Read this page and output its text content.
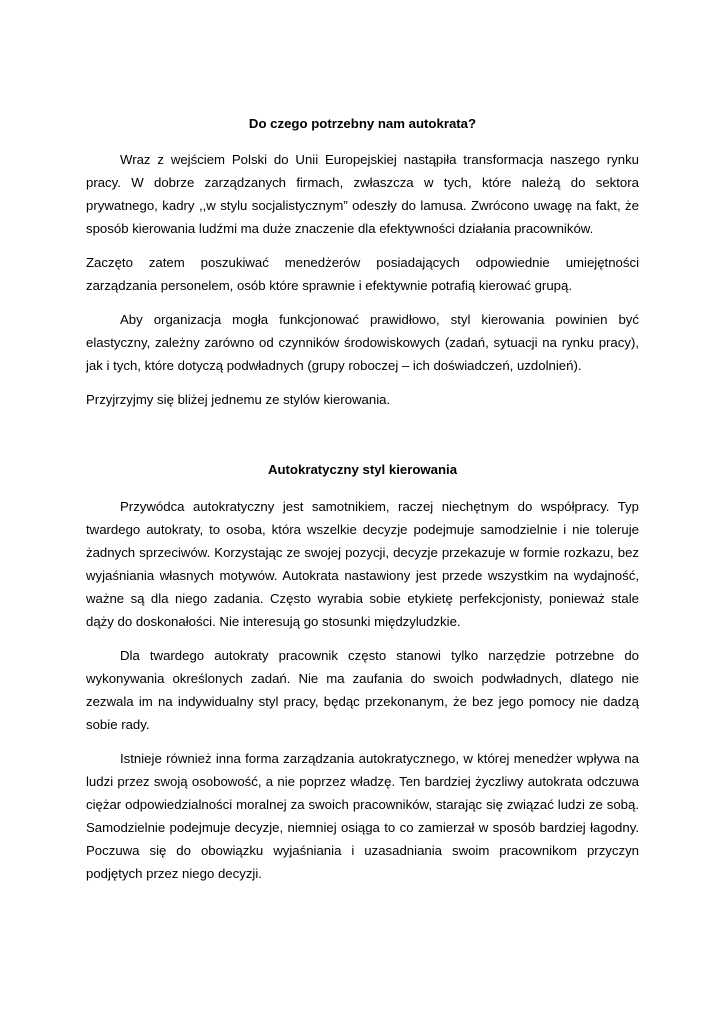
Do czego potrzebny nam autokrata?

Wraz z wejściem Polski do Unii Europejskiej nastąpiła transformacja naszego rynku pracy. W dobrze zarządzanych firmach, zwłaszcza w tych, które należą do sektora prywatnego, kadry ,,w stylu socjalistycznym” odeszły do lamusa. Zwrócono uwagę na fakt, że sposób kierowania ludźmi ma duże znaczenie dla efektywności działania pracowników.

Zaczęto zatem poszukiwać menedżerów posiadających odpowiednie umiejętności zarządzania personelem, osób które sprawnie i efektywnie potrafią kierować grupą.

Aby organizacja mogła funkcjonować prawidłowo, styl kierowania powinien być elastyczny, zależny zarówno od czynników środowiskowych (zadań, sytuacji na rynku pracy), jak i tych, które dotyczą podwładnych (grupy roboczej – ich doświadczeń, uzdolnień).

Przyjrzyjmy się bliżej jednemu ze stylów kierowania.

Autokratyczny styl kierowania

Przywódca autokratyczny jest samotnikiem, raczej niechętnym do współpracy. Typ twardego autokraty, to osoba, która wszelkie decyzje podejmuje samodzielnie i nie toleruje żadnych sprzeciwów. Korzystając ze swojej pozycji, decyzje przekazuje w formie rozkazu, bez wyjaśniania własnych motywów. Autokrata nastawiony jest przede wszystkim na wydajność, ważne są dla niego zadania. Często wyrabia sobie etykietę perfekcjonisty, ponieważ stale dąży do doskonałości. Nie interesują go stosunki międzyludzkie.

Dla twardego autokraty pracownik często stanowi tylko narzędzie potrzebne do wykonywania określonych zadań. Nie ma zaufania do swoich podwładnych, dlatego nie zezwala im na indywidualny styl pracy, będąc przekonanym, że bez jego pomocy nie dadzą sobie rady.

Istnieje również inna forma zarządzania autokratycznego, w której menedżer wpływa na ludzi przez swoją osobowość, a nie poprzez władzę. Ten bardziej życzliwy autokrata odczuwa ciężar odpowiedzialności moralnej za swoich pracowników, starając się związać ludzi ze sobą. Samodzielnie podejmuje decyzje, niemniej osiąga to co zamierzał w sposób bardziej łagodny. Poczuwa się do obowiązku wyjaśniania i uzasadniania swoim pracownikom przyczyn podjętych przez niego decyzji.
